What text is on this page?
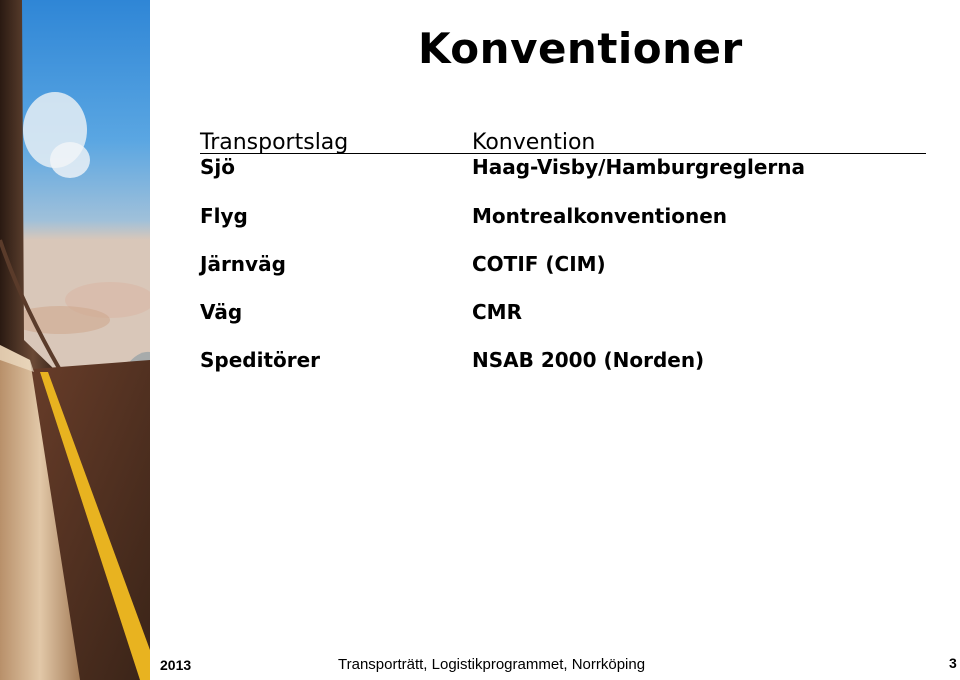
Konventioner
Transportslag	Konvention
Sjö	Haag-Visby/Hamburgreglerna
Flyg	Montrealkonventionen
Järnväg	COTIF (CIM)
Väg	CMR
Speditörer	NSAB 2000 (Norden)
2013	Transporträtt, Logistikprogrammet, Norrköping	3
